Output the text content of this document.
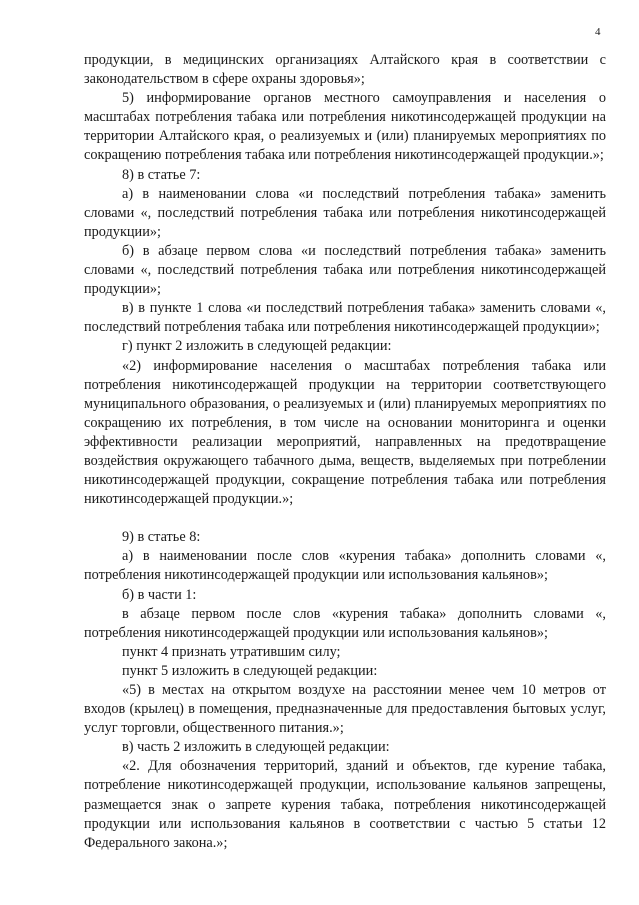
4

продукции, в медицинских организациях Алтайского края в соответствии с законодательством в сфере охраны здоровья»;

5) информирование органов местного самоуправления и населения о масштабах потребления табака или потребления никотинсодержащей продукции на территории Алтайского края, о реализуемых и (или) планируемых мероприятиях по сокращению потребления табака или потребления никотинсодержащей продукции.»;

8) в статье 7:

а) в наименовании слова «и последствий потребления табака» заменить словами «, последствий потребления табака или потребления никотинсодержащей продукции»;

б) в абзаце первом слова «и последствий потребления табака» заменить словами «, последствий потребления табака или потребления никотинсодержащей продукции»;

в) в пункте 1 слова «и последствий потребления табака» заменить словами «, последствий потребления табака или потребления никотинсодержащей продукции»;

г) пункт 2 изложить в следующей редакции:

«2) информирование населения о масштабах потребления табака или потребления никотинсодержащей продукции на территории соответствующего муниципального образования, о реализуемых и (или) планируемых мероприятиях по сокращению их потребления, в том числе на основании мониторинга и оценки эффективности реализации мероприятий, направленных на предотвращение воздействия окружающего табачного дыма, веществ, выделяемых при потреблении никотинсодержащей продукции, сокращение потребления табака или потребления никотинсодержащей продукции.»;

9) в статье 8:

а) в наименовании после слов «курения табака» дополнить словами «, потребления никотинсодержащей продукции или использования кальянов»;

б) в части 1:

в абзаце первом после слов «курения табака» дополнить словами «, потребления никотинсодержащей продукции или использования кальянов»;

пункт 4 признать утратившим силу;

пункт 5 изложить в следующей редакции:

«5) в местах на открытом воздухе на расстоянии менее чем 10 метров от входов (крылец) в помещения, предназначенные для предоставления бытовых услуг, услуг торговли, общественного питания.»;

в) часть 2 изложить в следующей редакции:

«2. Для обозначения территорий, зданий и объектов, где курение табака, потребление никотинсодержащей продукции, использование кальянов запрещены, размещается знак о запрете курения табака, потребления никотинсодержащей продукции или использования кальянов в соответствии с частью 5 статьи 12 Федерального закона.»;
